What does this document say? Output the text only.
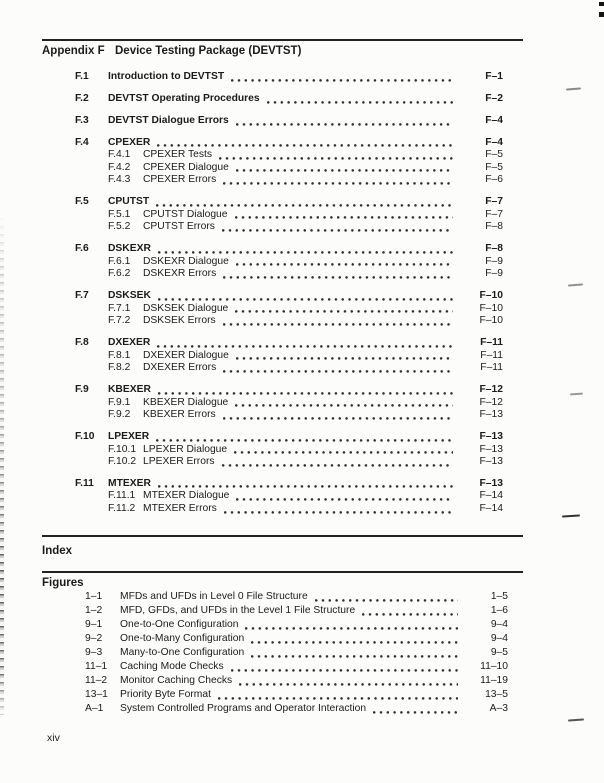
Appendix F Device Testing Package (DEVTST)
F.1	Introduction to DEVTST	F–1
F.2	DEVTST Operating Procedures	F–2
F.3	DEVTST Dialogue Errors	F–4
F.4	CPEXER	F–4
F.4.1	CPEXER Tests	F–5
F.4.2	CPEXER Dialogue	F–5
F.4.3	CPEXER Errors	F–6
F.5	CPUTST	F–7
F.5.1	CPUTST Dialogue	F–7
F.5.2	CPUTST Errors	F–8
F.6	DSKEXR	F–8
F.6.1	DSKEXR Dialogue	F–9
F.6.2	DSKEXR Errors	F–9
F.7	DSKSEK	F–10
F.7.1	DSKSEK Dialogue	F–10
F.7.2	DSKSEK Errors	F–10
F.8	DXEXER	F–11
F.8.1	DXEXER Dialogue	F–11
F.8.2	DXEXER Errors	F–11
F.9	KBEXER	F–12
F.9.1	KBEXER Dialogue	F–12
F.9.2	KBEXER Errors	F–13
F.10	LPEXER	F–13
F.10.1 LPEXER Dialogue	F–13
F.10.2 LPEXER Errors	F–13
F.11	MTEXER	F–13
F.11.1 MTEXER Dialogue	F–14
F.11.2 MTEXER Errors	F–14
Index
Figures
1–1	MFDs and UFDs in Level 0 File Structure	1–5
1–2	MFD, GFDs, and UFDs in the Level 1 File Structure	1–6
9–1	One-to-One Configuration	9–4
9–2	One-to-Many Configuration	9–4
9–3	Many-to-One Configuration	9–5
11–1	Caching Mode Checks	11–10
11–2	Monitor Caching Checks	11–19
13–1	Priority Byte Format	13–5
A–1	System Controlled Programs and Operator Interaction	A–3
xiv
